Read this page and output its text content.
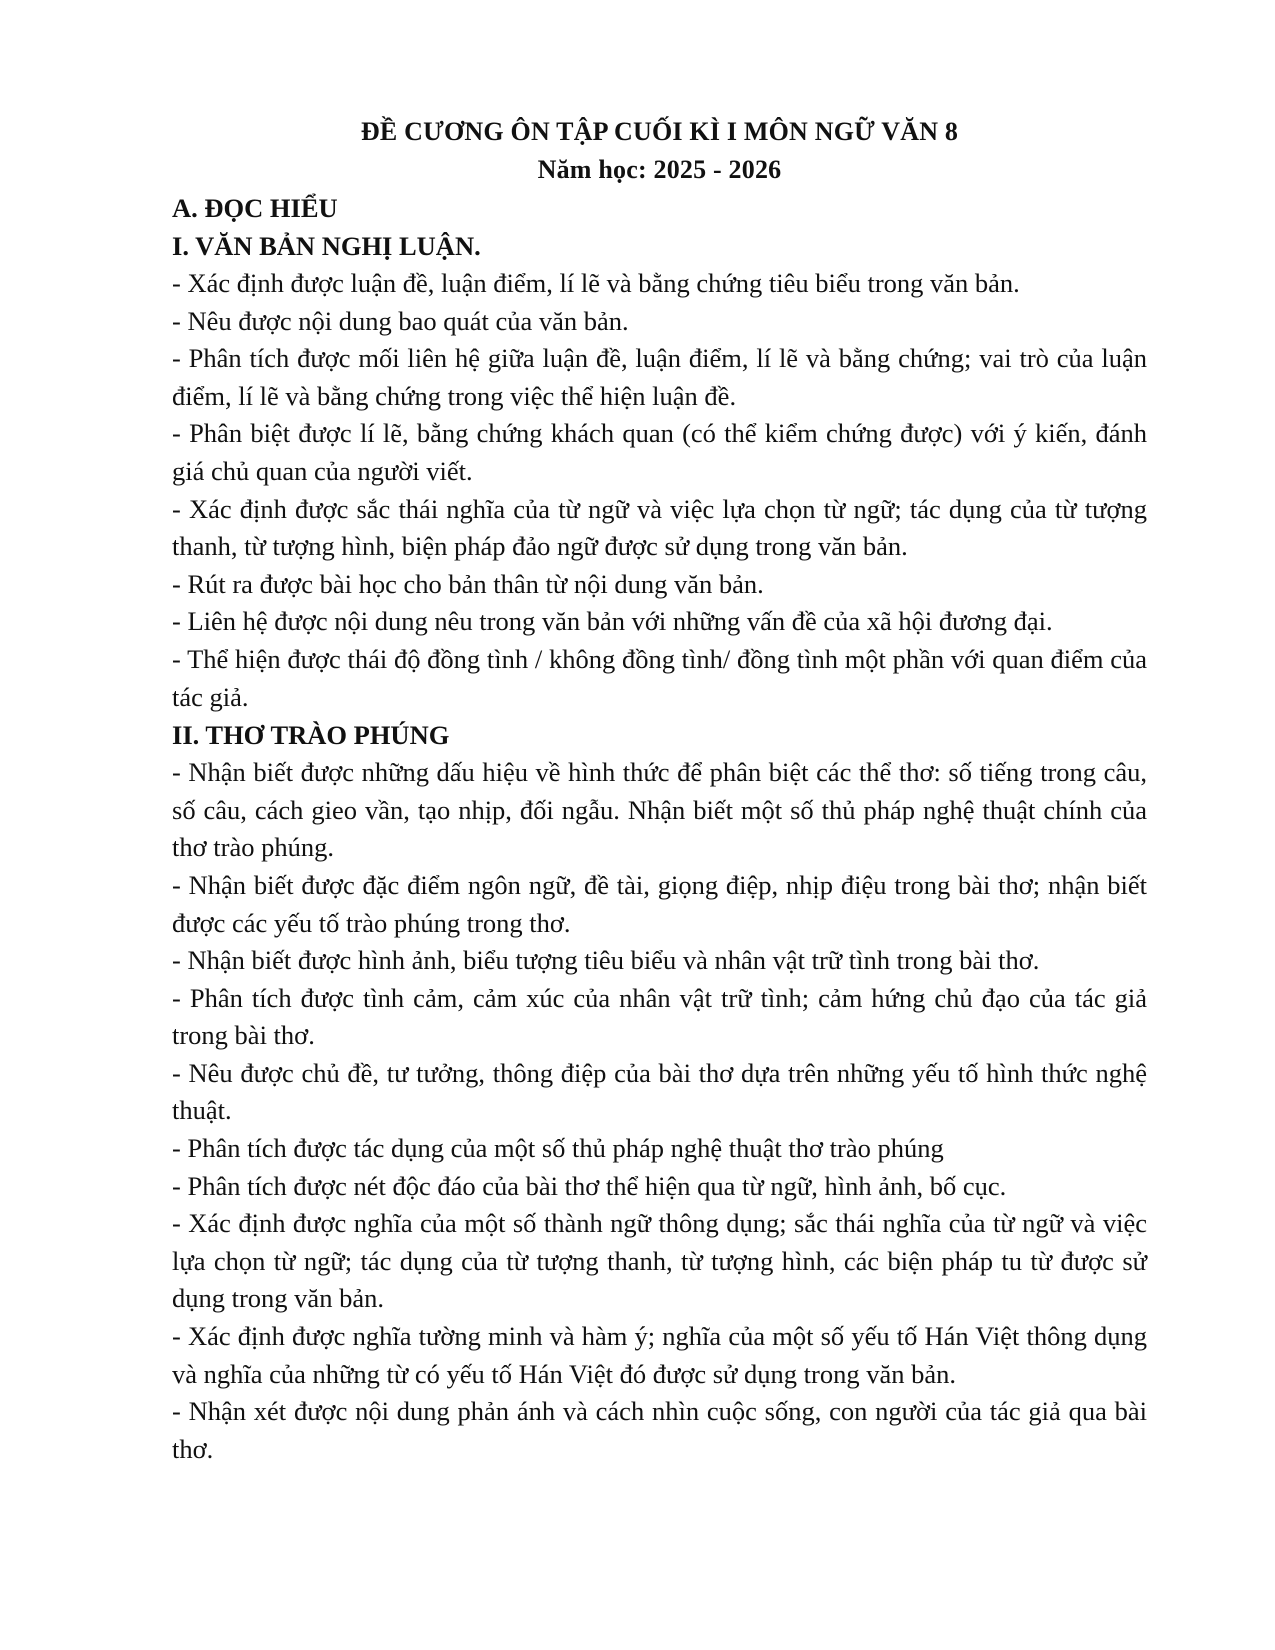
ĐỀ CƯƠNG ÔN TẬP CUỐI KÌ I MÔN NGỮ VĂN 8

Năm học: 2025 - 2026

A. ĐỌC HIỂU

I. VĂN BẢN NGHỊ LUẬN.

- Xác định được luận đề, luận điểm, lí lẽ và bằng chứng tiêu biểu trong văn bản.

- Nêu được nội dung bao quát của văn bản.

- Phân tích được mối liên hệ giữa luận đề, luận điểm, lí lẽ và bằng chứng; vai trò của luận điểm, lí lẽ và bằng chứng trong việc thể hiện luận đề.

- Phân biệt được lí lẽ, bằng chứng khách quan (có thể kiểm chứng được) với ý kiến, đánh giá chủ quan của người viết.

- Xác định được sắc thái nghĩa của từ ngữ và việc lựa chọn từ ngữ; tác dụng của từ tượng thanh, từ tượng hình, biện pháp đảo ngữ được sử dụng trong văn bản.

- Rút ra được bài học cho bản thân từ nội dung văn bản.

- Liên hệ được nội dung nêu trong văn bản với những vấn đề của xã hội đương đại.

- Thể hiện được thái độ đồng tình / không đồng tình/ đồng tình một phần với quan điểm của tác giả.

II. THƠ TRÀO PHÚNG

- Nhận biết được những dấu hiệu về hình thức để phân biệt các thể thơ: số tiếng trong câu, số câu, cách gieo vần, tạo nhịp, đối ngẫu. Nhận biết một số thủ pháp nghệ thuật chính của thơ trào phúng.

- Nhận biết được đặc điểm ngôn ngữ, đề tài, giọng điệp, nhịp điệu trong bài thơ; nhận biết được các yếu tố trào phúng trong thơ.

- Nhận biết được hình ảnh, biểu tượng tiêu biểu và nhân vật trữ tình trong bài thơ.

- Phân tích được tình cảm, cảm xúc của nhân vật trữ tình; cảm hứng chủ đạo của tác giả trong bài thơ.

- Nêu được chủ đề, tư tưởng, thông điệp của bài thơ dựa trên những yếu tố hình thức nghệ thuật.

- Phân tích được tác dụng của một số thủ pháp nghệ thuật thơ trào phúng

- Phân tích được nét độc đáo của bài thơ thể hiện qua từ ngữ, hình ảnh, bố cục.

- Xác định được nghĩa của một số thành ngữ thông dụng; sắc thái nghĩa của từ ngữ và việc lựa chọn từ ngữ; tác dụng của từ tượng thanh, từ tượng hình, các biện pháp tu từ được sử dụng trong văn bản.

- Xác định được nghĩa tường minh và hàm ý; nghĩa của một số yếu tố Hán Việt thông dụng và nghĩa của những từ có yếu tố Hán Việt đó được sử dụng trong văn bản.

- Nhận xét được nội dung phản ánh và cách nhìn cuộc sống, con người của tác giả qua bài thơ.
